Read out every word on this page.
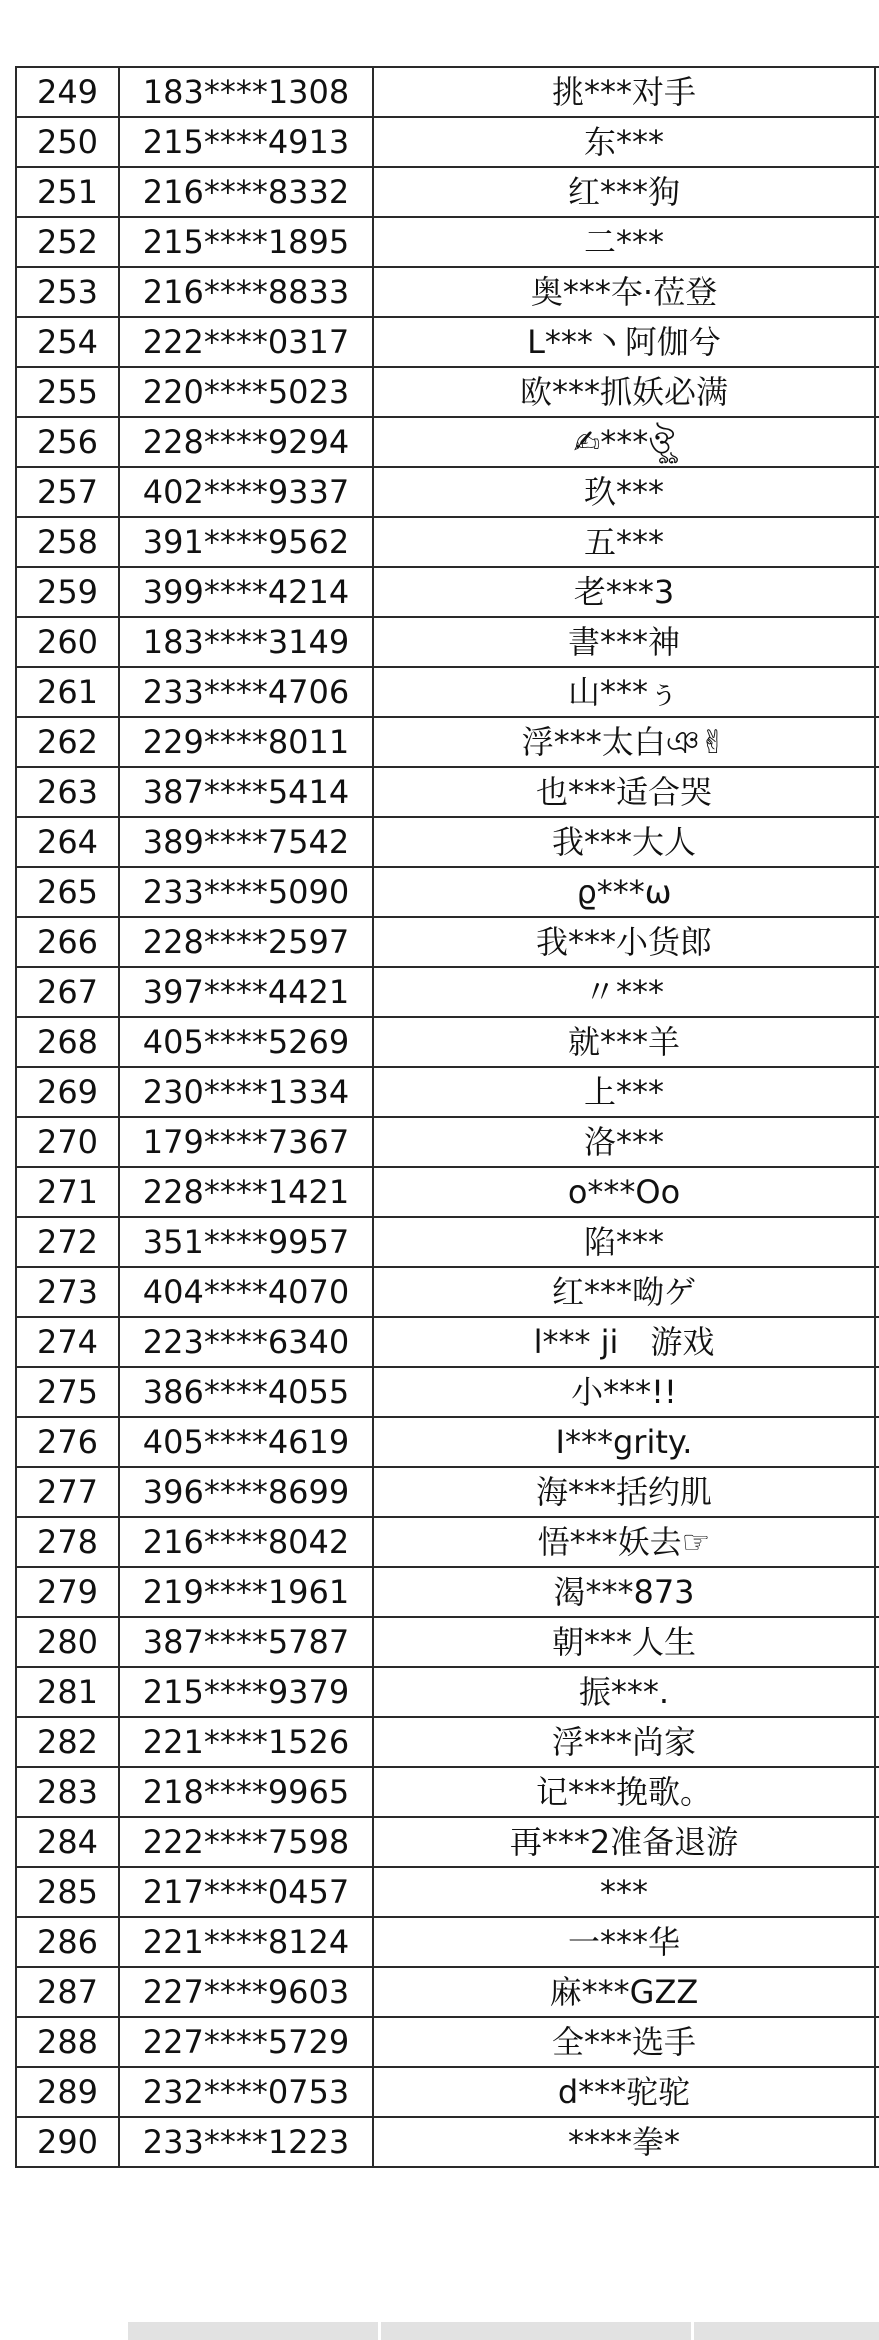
249	183****1308	挑***对手	
250	215****4913	东***	
251	216****8332	红***狗	
252	215****1895	二***	
253	216****8833	奥***夲·莅登	
254	222****0317	L***丶阿伽兮	
255	220****5023	欧***抓妖必满	
256	228****9294	✍***ঔৣ	
257	402****9337	玖***	
258	391****9562	五***	
259	399****4214	老***3	
260	183****3149	書***神	
261	233****4706	山***ぅ	
262	229****8011	浮***太白ঞ✌	
263	387****5414	也***适合哭	
264	389****7542	我***大人	
265	233****5090	ϱ***ω	
266	228****2597	我***小货郎	
267	397****4421	〃***	
268	405****5269	就***羊	
269	230****1334	上***	
270	179****7367	洛***	
271	228****1421	o***Oo	
272	351****9957	陷***	
273	404****4070	红***呦ゲ	
274	223****6340	l*** ji　游戏	
275	386****4055	小***!!	
276	405****4619	I***grity.	
277	396****8699	海***括约肌	
278	216****8042	悟***妖去☞	
279	219****1961	渴***873	
280	387****5787	朝***人生	
281	215****9379	振***.	
282	221****1526	浮***尚家	
283	218****9965	记***挽歌。	
284	222****7598	再***2准备退游	
285	217****0457	***	
286	221****8124	一***华	
287	227****9603	麻***GZZ	
288	227****5729	全***选手	
289	232****0753	d***驼驼	
290	233****1223	****拳*	
